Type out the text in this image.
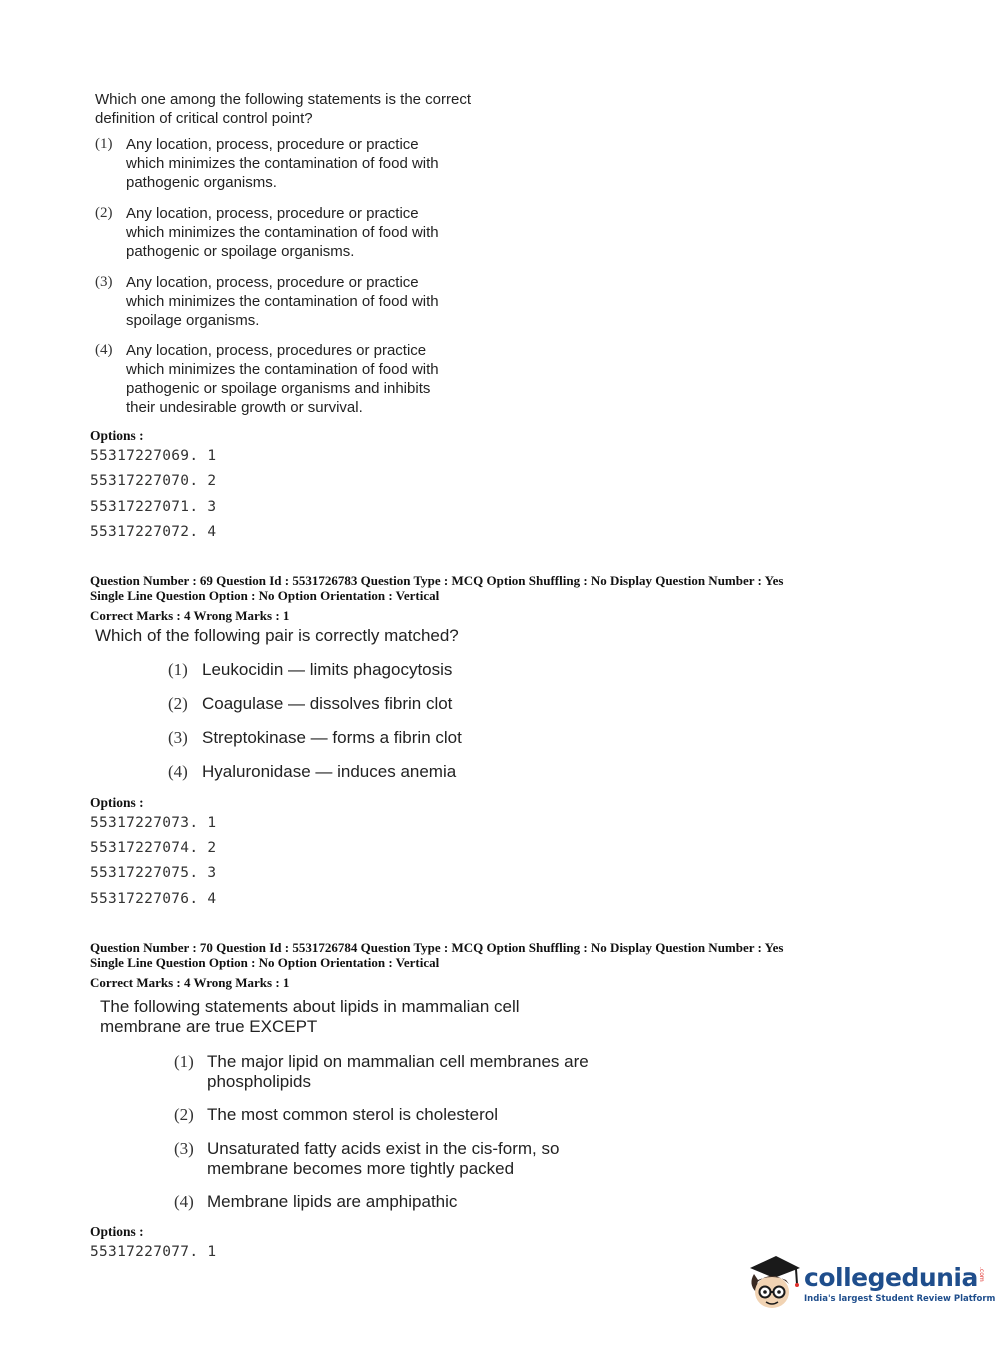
Which one among the following statements is the correct
definition of critical control point?
(1) Any location, process, procedure or practice
which minimizes the contamination of food with
pathogenic organisms.
(2) Any location, process, procedure or practice
which minimizes the contamination of food with
pathogenic or spoilage organisms.
(3) Any location, process, procedure or practice
which minimizes the contamination of food with
spoilage organisms.
(4) Any location, process, procedures or practice
which minimizes the contamination of food with
pathogenic or spoilage organisms and inhibits
their undesirable growth or survival.
Options :
55317227069. 1
55317227070. 2
55317227071. 3
55317227072. 4
Question Number : 69 Question Id : 5531726783 Question Type : MCQ Option Shuffling : No Display Question Number : Yes
Single Line Question Option : No Option Orientation : Vertical
Correct Marks : 4 Wrong Marks : 1
Which of the following pair is correctly matched?
(1) Leukocidin — limits phagocytosis
(2) Coagulase — dissolves fibrin clot
(3) Streptokinase — forms a fibrin clot
(4) Hyaluronidase — induces anemia
Options :
55317227073. 1
55317227074. 2
55317227075. 3
55317227076. 4
Question Number : 70 Question Id : 5531726784 Question Type : MCQ Option Shuffling : No Display Question Number : Yes
Single Line Question Option : No Option Orientation : Vertical
Correct Marks : 4 Wrong Marks : 1
The following statements about lipids in mammalian cell
membrane are true EXCEPT
(1) The major lipid on mammalian cell membranes are
phospholipids
(2) The most common sterol is cholesterol
(3) Unsaturated fatty acids exist in the cis-form, so
membrane becomes more tightly packed
(4) Membrane lipids are amphipathic
Options :
55317227077. 1
collegedunia .com
India's largest Student Review Platform
